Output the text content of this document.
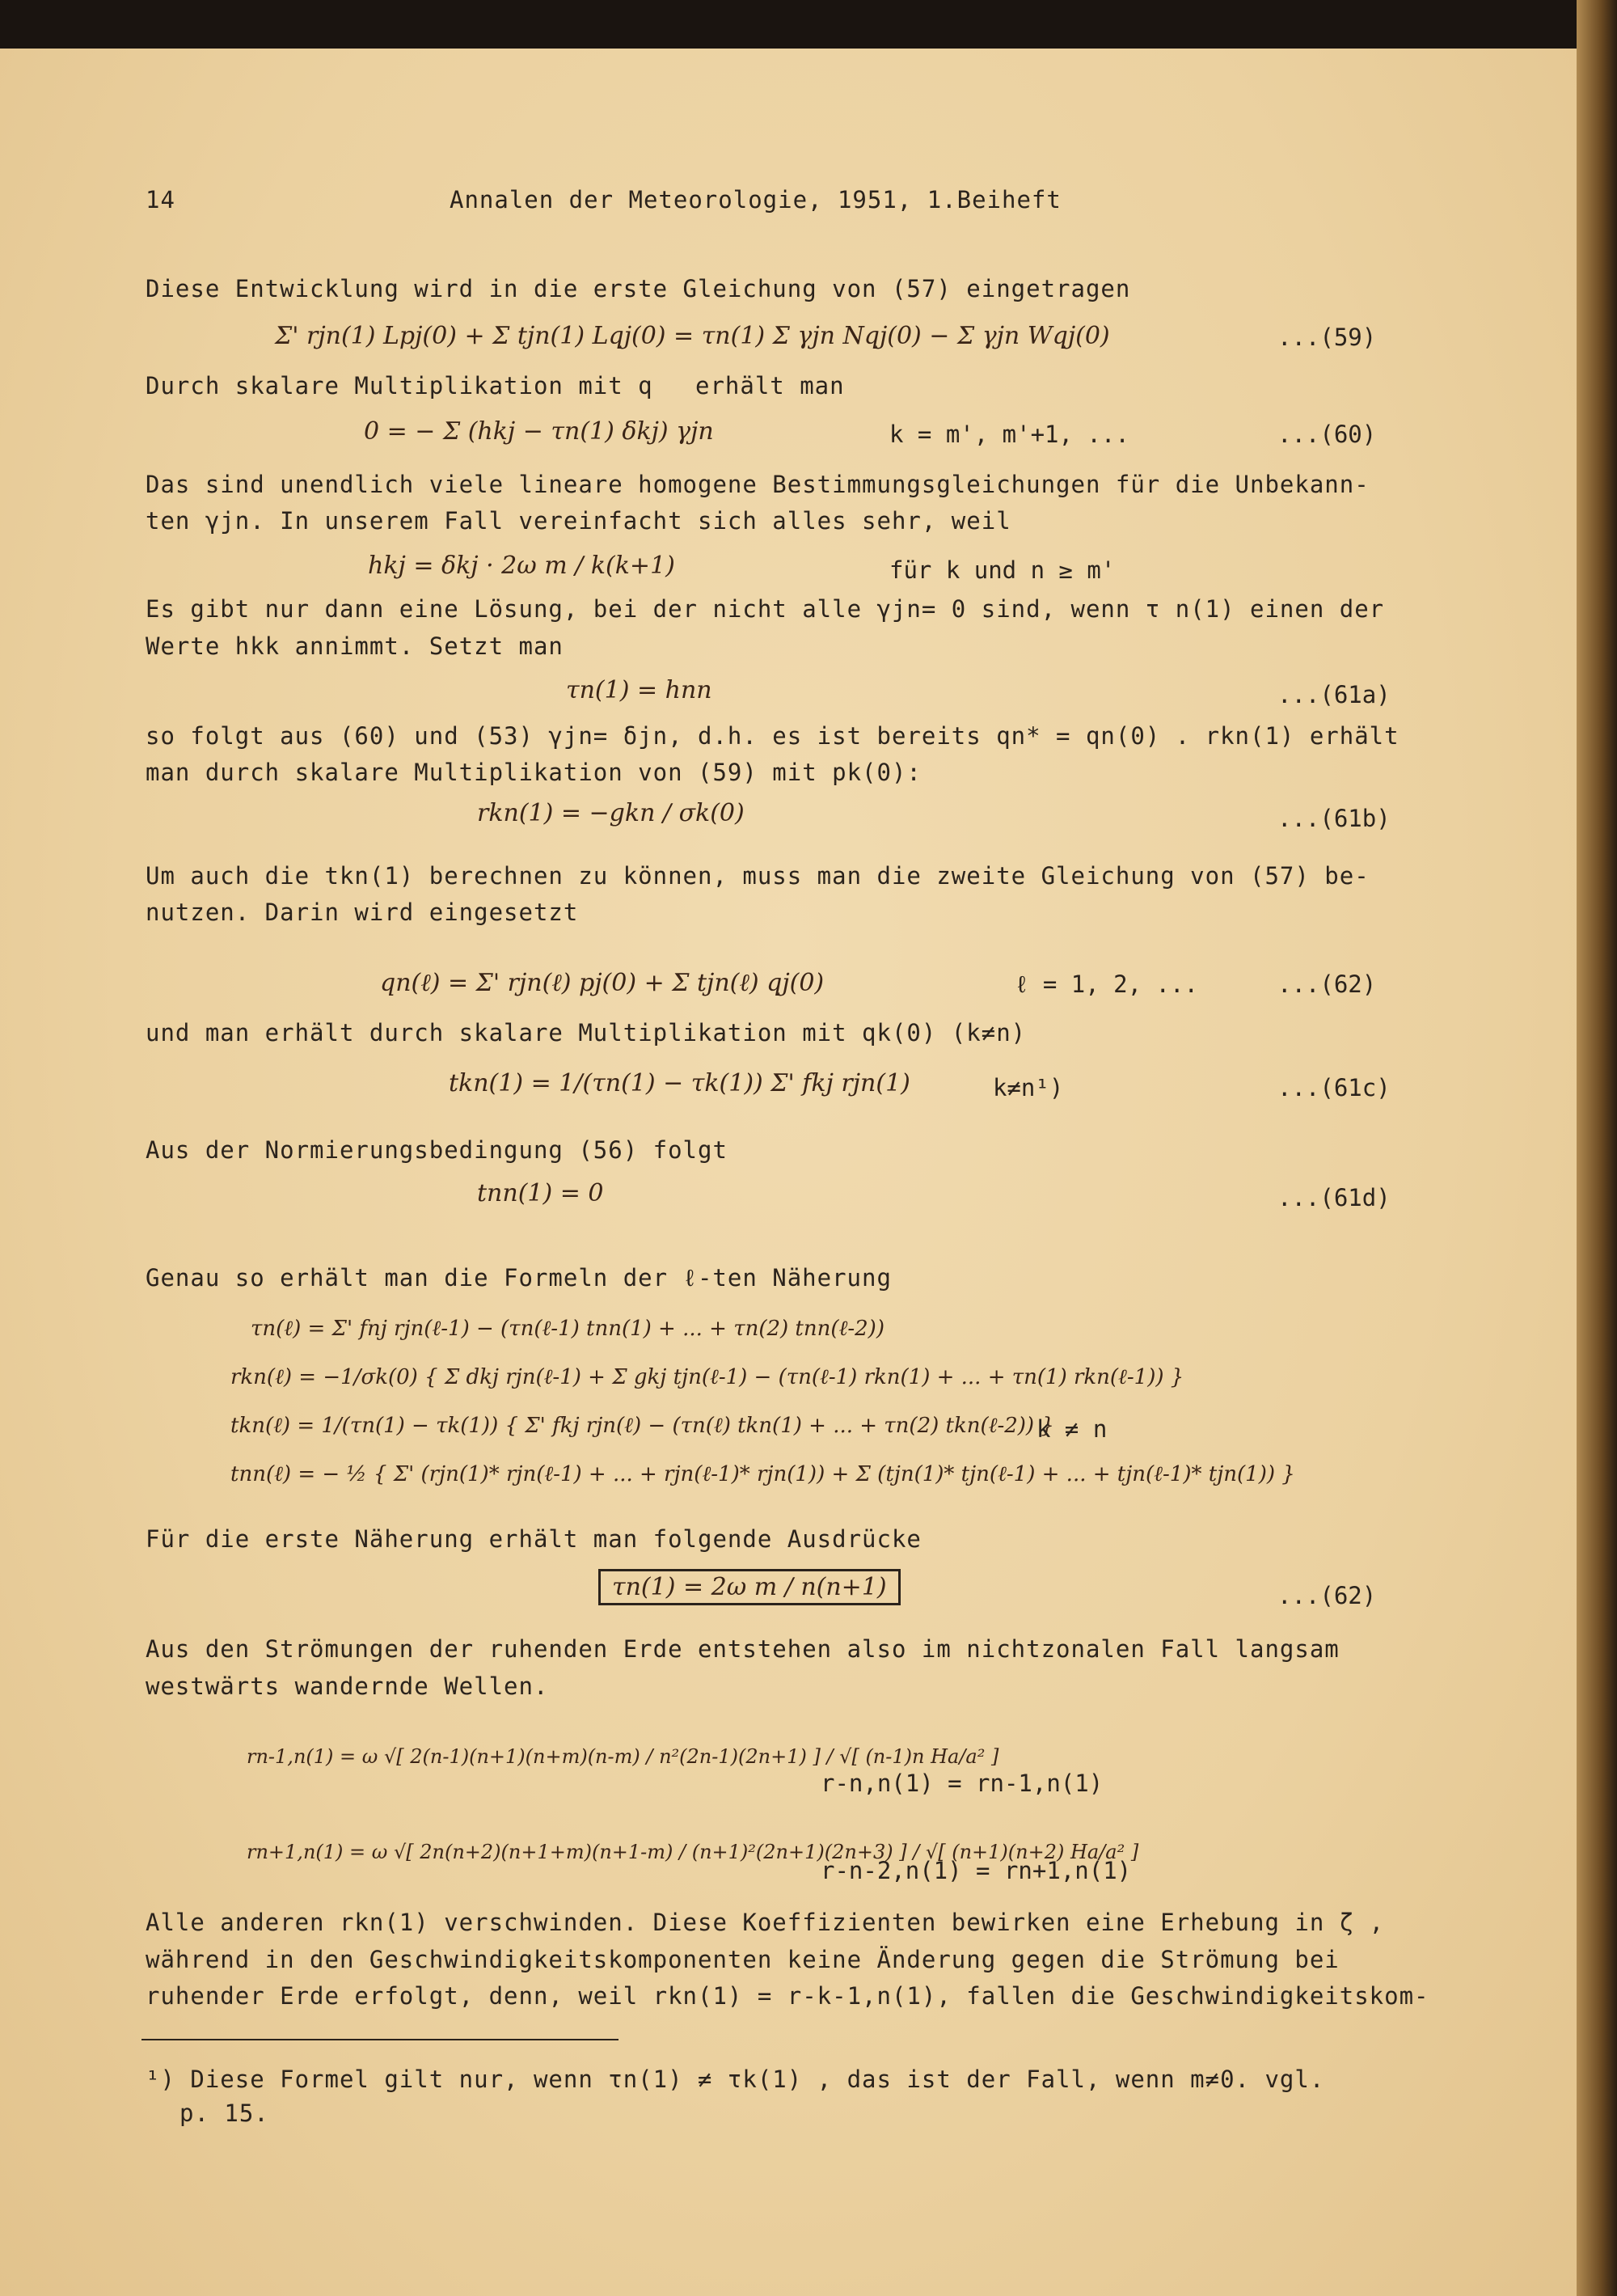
14	Annalen der Meteorologie, 1951, 1.Beiheft
Diese Entwicklung wird in die erste Gleichung von (57) eingetragen
Σ' rjn(1) Lpj(0) + Σ tjn(1) Lqj(0) = τn(1) Σ γjn Nqj(0) − Σ γjn Wqj(0)	...(59)
Durch skalare Multiplikation mit q erhält man
0 = − Σ (hkj − τn(1) δkj) γjn	k = m', m'+1, ...	...(60)
Das sind unendlich viele lineare homogene Bestimmungsgleichungen für die Unbekann-
ten γjn. In unserem Fall vereinfacht sich alles sehr, weil
hkj = δkj · 2ω m / k(k+1)	für k und n ≥ m'
Es gibt nur dann eine Lösung, bei der nicht alle γjn= 0 sind, wenn τ n(1) einen der
Werte hkk annimmt. Setzt man
τn(1) = hnn	...(61a)
so folgt aus (60) und (53) γjn= δjn, d.h. es ist bereits qn* = qn(0) . rkn(1) erhält
man durch skalare Multiplikation von (59) mit pk(0):
rkn(1) = −gkn / σk(0)	...(61b)
Um auch die tkn(1) berechnen zu können, muss man die zweite Gleichung von (57) be-
nutzen. Darin wird eingesetzt
qn(ℓ) = Σ' rjn(ℓ) pj(0) + Σ tjn(ℓ) qj(0)	ℓ = 1, 2, ...	...(62)
und man erhält durch skalare Multiplikation mit qk(0) (k≠n)
tkn(1) = 1/(τn(1) − τk(1)) Σ' fkj rjn(1)	k≠n¹)	...(61c)
Aus der Normierungsbedingung (56) folgt
tnn(1) = 0	...(61d)
Genau so erhält man die Formeln der ℓ-ten Näherung
τn(ℓ) = Σ' fnj rjn(ℓ-1) − (τn(ℓ-1) tnn(1) + ... + τn(2) tnn(ℓ-2))
rkn(ℓ) = −1/σk(0) { Σ dkj rjn(ℓ-1) + Σ gkj tjn(ℓ-1) − (τn(ℓ-1) rkn(1) + ... + τn(1) rkn(ℓ-1)) }
tkn(ℓ) = 1/(τn(1) − τk(1)) { Σ' fkj rjn(ℓ) − (τn(ℓ) tkn(1) + ... + τn(2) tkn(ℓ-2)) }
k ≠ n
tnn(ℓ) = − ½ { Σ' (rjn(1)* rjn(ℓ-1) + ... + rjn(ℓ-1)* rjn(1)) + Σ (tjn(1)* tjn(ℓ-1) + ... + tjn(ℓ-1)* tjn(1)) }
Für die erste Näherung erhält man folgende Ausdrücke
τn(1) = 2ω m / n(n+1)	...(62)
Aus den Strömungen der ruhenden Erde entstehen also im nichtzonalen Fall langsam
westwärts wandernde Wellen.
rn-1,n(1) = ω √[ 2(n-1)(n+1)(n+m)(n-m) / n²(2n-1)(2n+1) ] / √[ (n-1)n Ha/a² ]
r-n,n(1) = rn-1,n(1)
rn+1,n(1) = ω √[ 2n(n+2)(n+1+m)(n+1-m) / (n+1)²(2n+1)(2n+3) ] / √[ (n+1)(n+2) Ha/a² ]
r-n-2,n(1) = rn+1,n(1)
Alle anderen rkn(1) verschwinden. Diese Koeffizienten bewirken eine Erhebung in ζ ,
während in den Geschwindigkeitskomponenten keine Änderung gegen die Strömung bei
ruhender Erde erfolgt, denn, weil rkn(1) = r-k-1,n(1), fallen die Geschwindigkeitskom-
¹) Diese Formel gilt nur, wenn τn(1) ≠ τk(1) , das ist der Fall, wenn m≠0. vgl.
p. 15.
